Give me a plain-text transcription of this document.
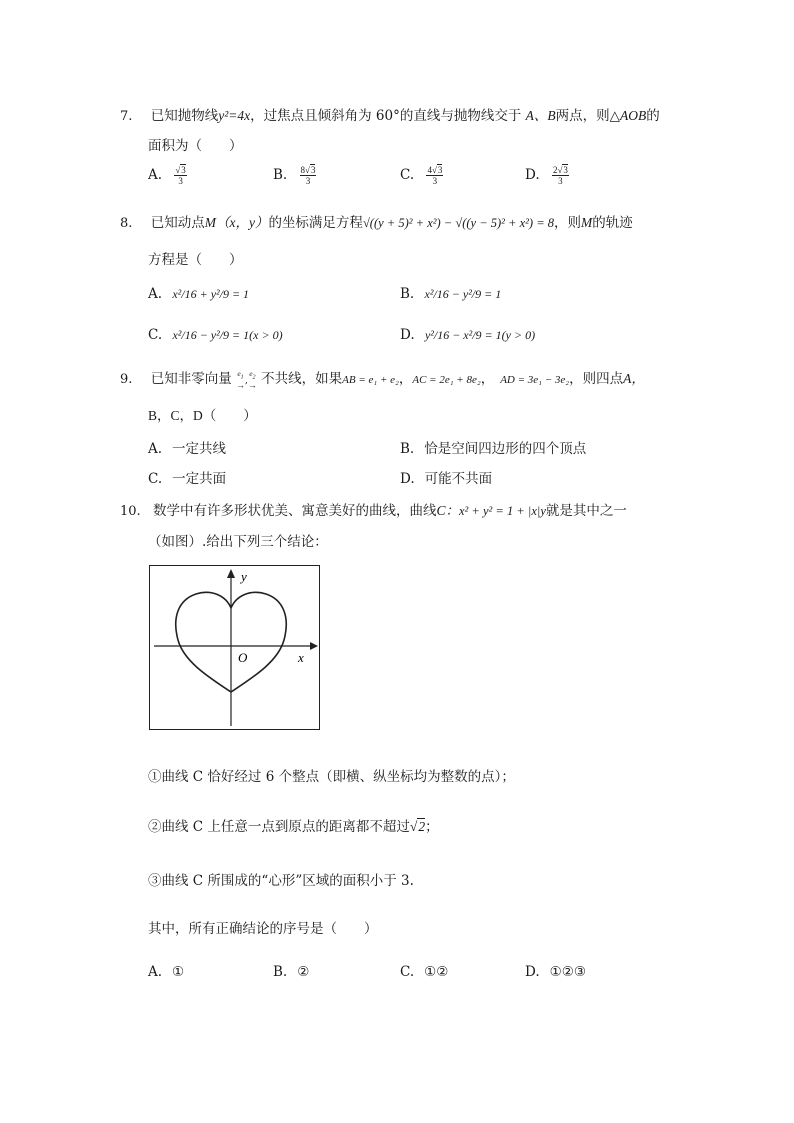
7. 已知抛物线y²=4x，过焦点且倾斜角为 60°的直线与抛物线交于 A、B两点，则△AOB的
面积为（　　）
A. $\frac{√3}{3}$	B. $\frac{8√3}{3}$	C. $\frac{4√3}{3}$	D. $\frac{2√3}{3}$
8. 已知动点M（x，y）的坐标满足方程√((y + 5)² + x²) − √((y − 5)² + x²) = 8，则M的轨迹
方程是（　　）
A. x²/16 + y²/9 = 1	B. x²/16 − y²/9 = 1
C. x²/16 − y²/9 = 1(x > 0)	D. y²/16 − x²/9 = 1(y > 0)
9. 已知非零向量 $e_1$
→ ,
$e_2$
→ 不共线，如果AB = e₁ + e₂，AC = 2e₁ + 8e₂， AD = 3e₁ − 3e₂，则四点A，
B，C，D（　　）
A. 一定共线	B. 恰是空间四边形的四个顶点
C. 一定共面	D. 可能不共面
10. 数学中有许多形状优美、寓意美好的曲线，曲线C：x² + y² = 1 + |x|y就是其中之一
（如图）.给出下列三个结论：
y
x
O
①曲线 C 恰好经过 6 个整点（即横、纵坐标均为整数的点）；
②曲线 C 上任意一点到原点的距离都不超过√2；
③曲线 C 所围成的“心形”区域的面积小于 3.
其中，所有正确结论的序号是（　　）
A. ①	B. ②	C. ①②	D. ①②③
